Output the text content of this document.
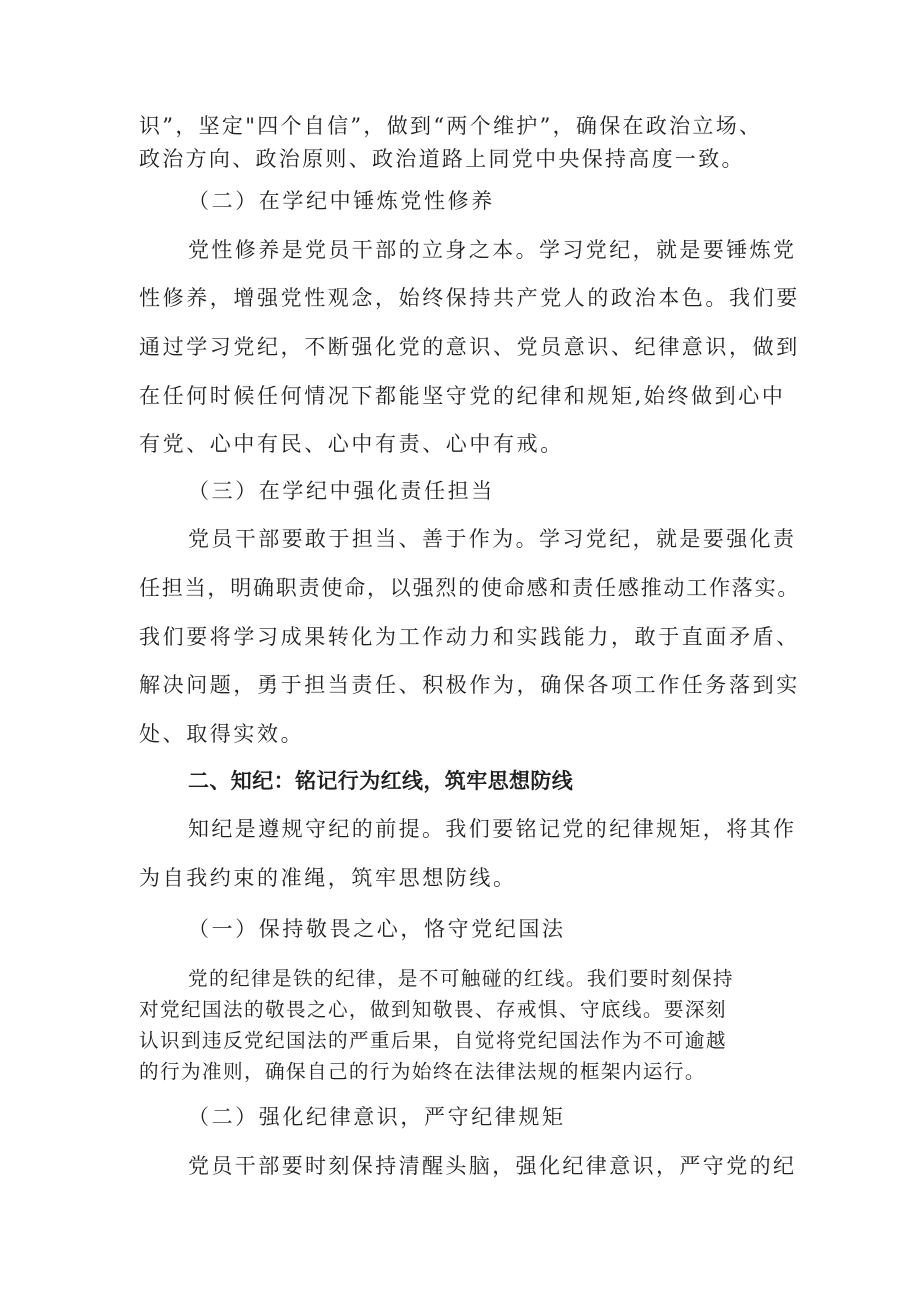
识”，坚定"四个自信”，做到“两个维护”，确保在政治立场、

政治方向、政治原则、政治道路上同党中央保持高度一致。

（二）在学纪中锤炼党性修养

党性修养是党员干部的立身之本。学习党纪，就是要锤炼党

性修养，增强党性观念，始终保持共产党人的政治本色。我们要

通过学习党纪，不断强化党的意识、党员意识、纪律意识，做到

在任何时候任何情况下都能坚守党的纪律和规矩,始终做到心中

有党、心中有民、心中有责、心中有戒。

（三）在学纪中强化责任担当

党员干部要敢于担当、善于作为。学习党纪，就是要强化责

任担当，明确职责使命，以强烈的使命感和责任感推动工作落实。

我们要将学习成果转化为工作动力和实践能力，敢于直面矛盾、

解决问题，勇于担当责任、积极作为，确保各项工作任务落到实

处、取得实效。

二、知纪：铭记行为红线，筑牢思想防线

知纪是遵规守纪的前提。我们要铭记党的纪律规矩，将其作

为自我约束的准绳，筑牢思想防线。

（一）保持敬畏之心，恪守党纪国法

党的纪律是铁的纪律，是不可触碰的红线。我们要时刻保持

对党纪国法的敬畏之心，做到知敬畏、存戒惧、守底线。要深刻

认识到违反党纪国法的严重后果，自觉将党纪国法作为不可逾越

的行为准则，确保自己的行为始终在法律法规的框架内运行。

（二）强化纪律意识，严守纪律规矩

党员干部要时刻保持清醒头脑，强化纪律意识，严守党的纪
